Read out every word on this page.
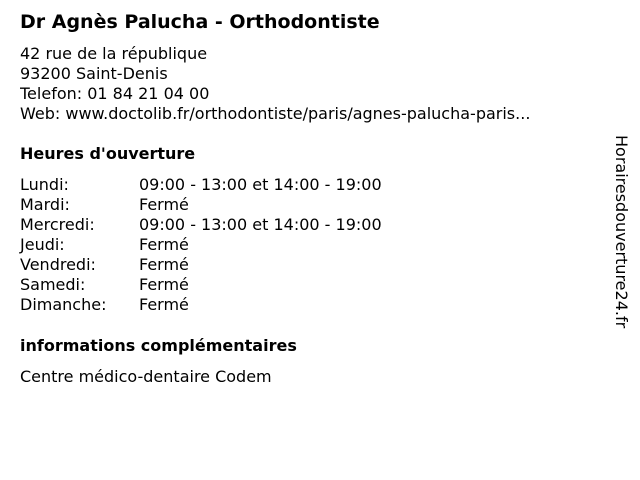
Dr Agnès Palucha - Orthodontiste
42 rue de la république
93200 Saint-Denis
Telefon: 01 84 21 04 00
Web: www.doctolib.fr/orthodontiste/paris/agnes-palucha-paris...
Heures d'ouverture
Lundi:	09:00 - 13:00 et 14:00 - 19:00
Mardi:	Fermé
Mercredi:	09:00 - 13:00 et 14:00 - 19:00
Jeudi:	Fermé
Vendredi:	Fermé
Samedi:	Fermé
Dimanche:	Fermé
informations complémentaires
Centre médico-dentaire Codem
Horairesdouverture24.fr
